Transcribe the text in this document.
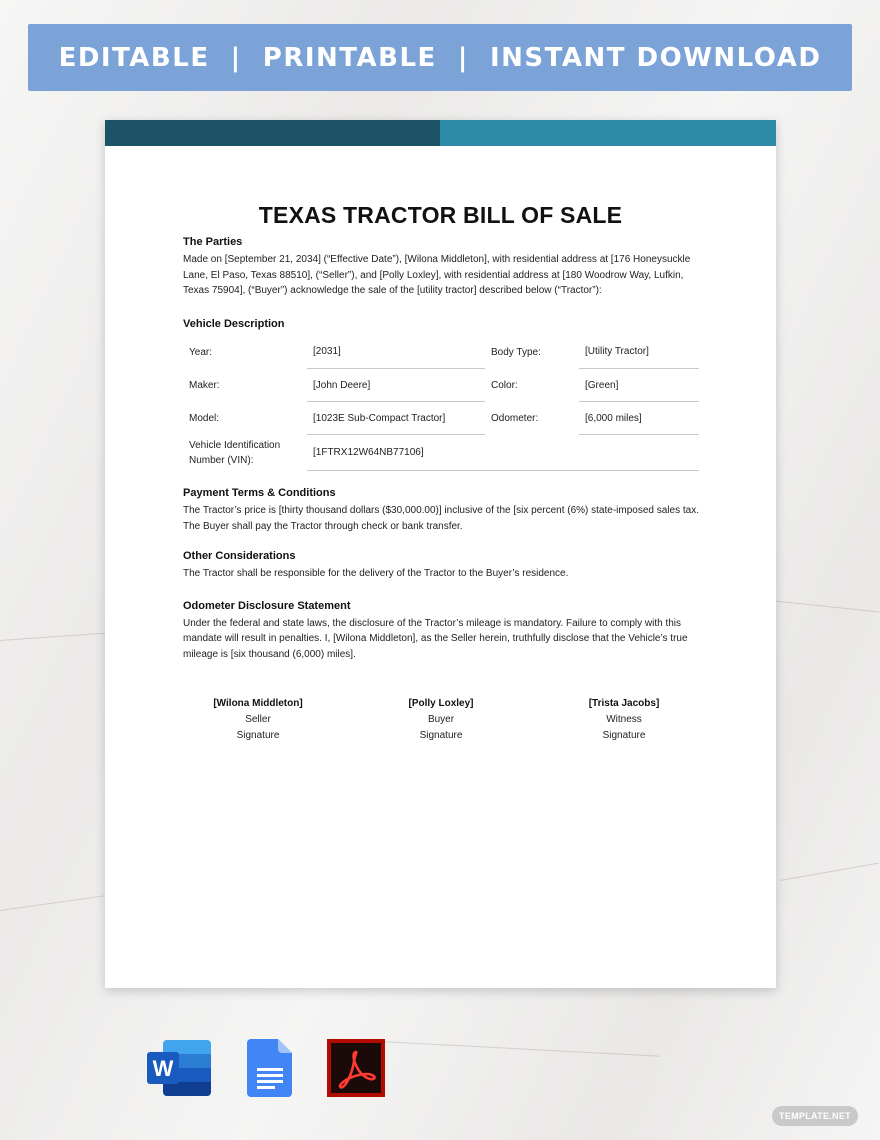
EDITABLE  |  PRINTABLE  |  INSTANT DOWNLOAD
TEXAS TRACTOR BILL OF SALE
The Parties
Made on [September 21, 2034] (“Effective Date”), [Wilona Middleton], with residential address at [176 Honeysuckle Lane, El Paso, Texas 88510], (“Seller”), and [Polly Loxley], with residential address at [180 Woodrow Way, Lufkin, Texas 75904], (“Buyer”) acknowledge the sale of the [utility tractor] described below (“Tractor”):
Vehicle Description
Year:	[2031]	Body Type:	[Utility Tractor]
Maker:	[John Deere]	Color:	[Green]
Model:	[1023E Sub-Compact Tractor]	Odometer:	[6,000 miles]
Vehicle Identification Number (VIN):	[1FTRX12W64NB77106]		
Payment Terms & Conditions
The Tractor’s price is [thirty thousand dollars ($30,000.00)] inclusive of the [six percent (6%) state-imposed sales tax. The Buyer shall pay the Tractor through check or bank transfer.
Other Considerations
The Tractor shall be responsible for the delivery of the Tractor to the Buyer’s residence.
Odometer Disclosure Statement
Under the federal and state laws, the disclosure of the Tractor’s mileage is mandatory. Failure to comply with this mandate will result in penalties. I, [Wilona Middleton], as the Seller herein, truthfully disclose that the Vehicle’s true mileage is [six thousand (6,000) miles].
[Wilona Middleton]
Seller
Signature
[Polly Loxley]
Buyer
Signature
[Trista Jacobs]
Witness
Signature
W
TEMPLATE.NET
